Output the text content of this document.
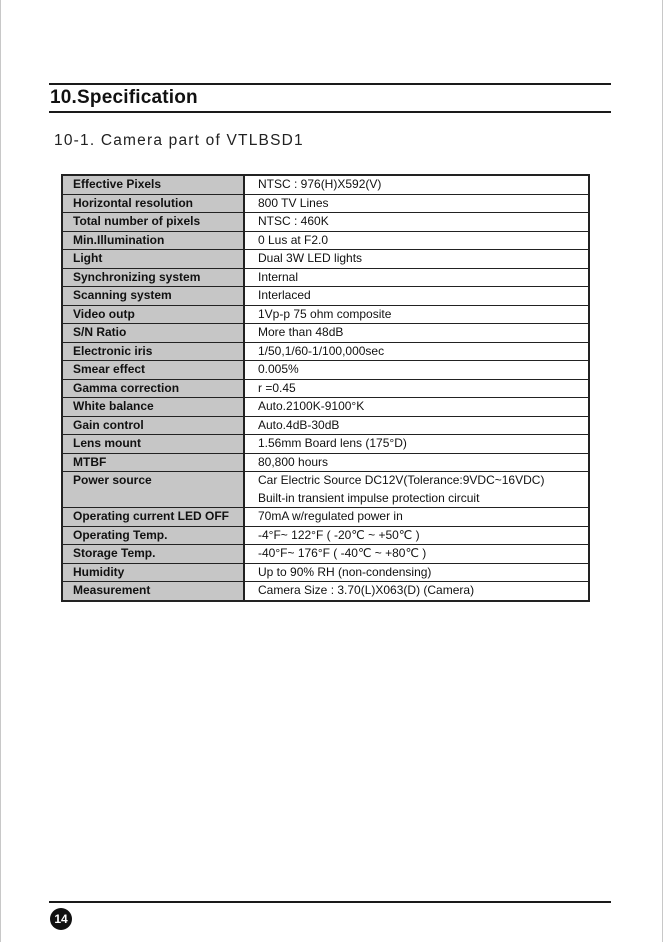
10.Specification
10-1. Camera part of VTLBSD1
Effective Pixels	NTSC : 976(H)X592(V)
Horizontal resolution	800 TV Lines
Total number of pixels	NTSC : 460K
Min.Illumination	0 Lus at F2.0
Light	Dual 3W LED lights
Synchronizing system	Internal
Scanning system	Interlaced
Video outp	1Vp-p 75 ohm composite
S/N Ratio	More than 48dB
Electronic iris	1/50,1/60-1/100,000sec
Smear effect	0.005%
Gamma correction	r =0.45
White balance	Auto.2100K-9100°K
Gain control	Auto.4dB-30dB
Lens mount	1.56mm Board lens (175°D)
MTBF	80,800 hours
Power source	Car Electric Source DC12V(Tolerance:9VDC~16VDC)
Built-in transient impulse protection circuit

Operating current LED OFF	70mA w/regulated power in
Operating Temp.	-4°F~ 122°F ( -20℃ ~ +50℃ )
Storage Temp.	-40°F~ 176°F ( -40℃ ~ +80℃ )
Humidity	Up to 90% RH (non-condensing)
Measurement	Camera Size : 3.70(L)X063(D) (Camera)
14
